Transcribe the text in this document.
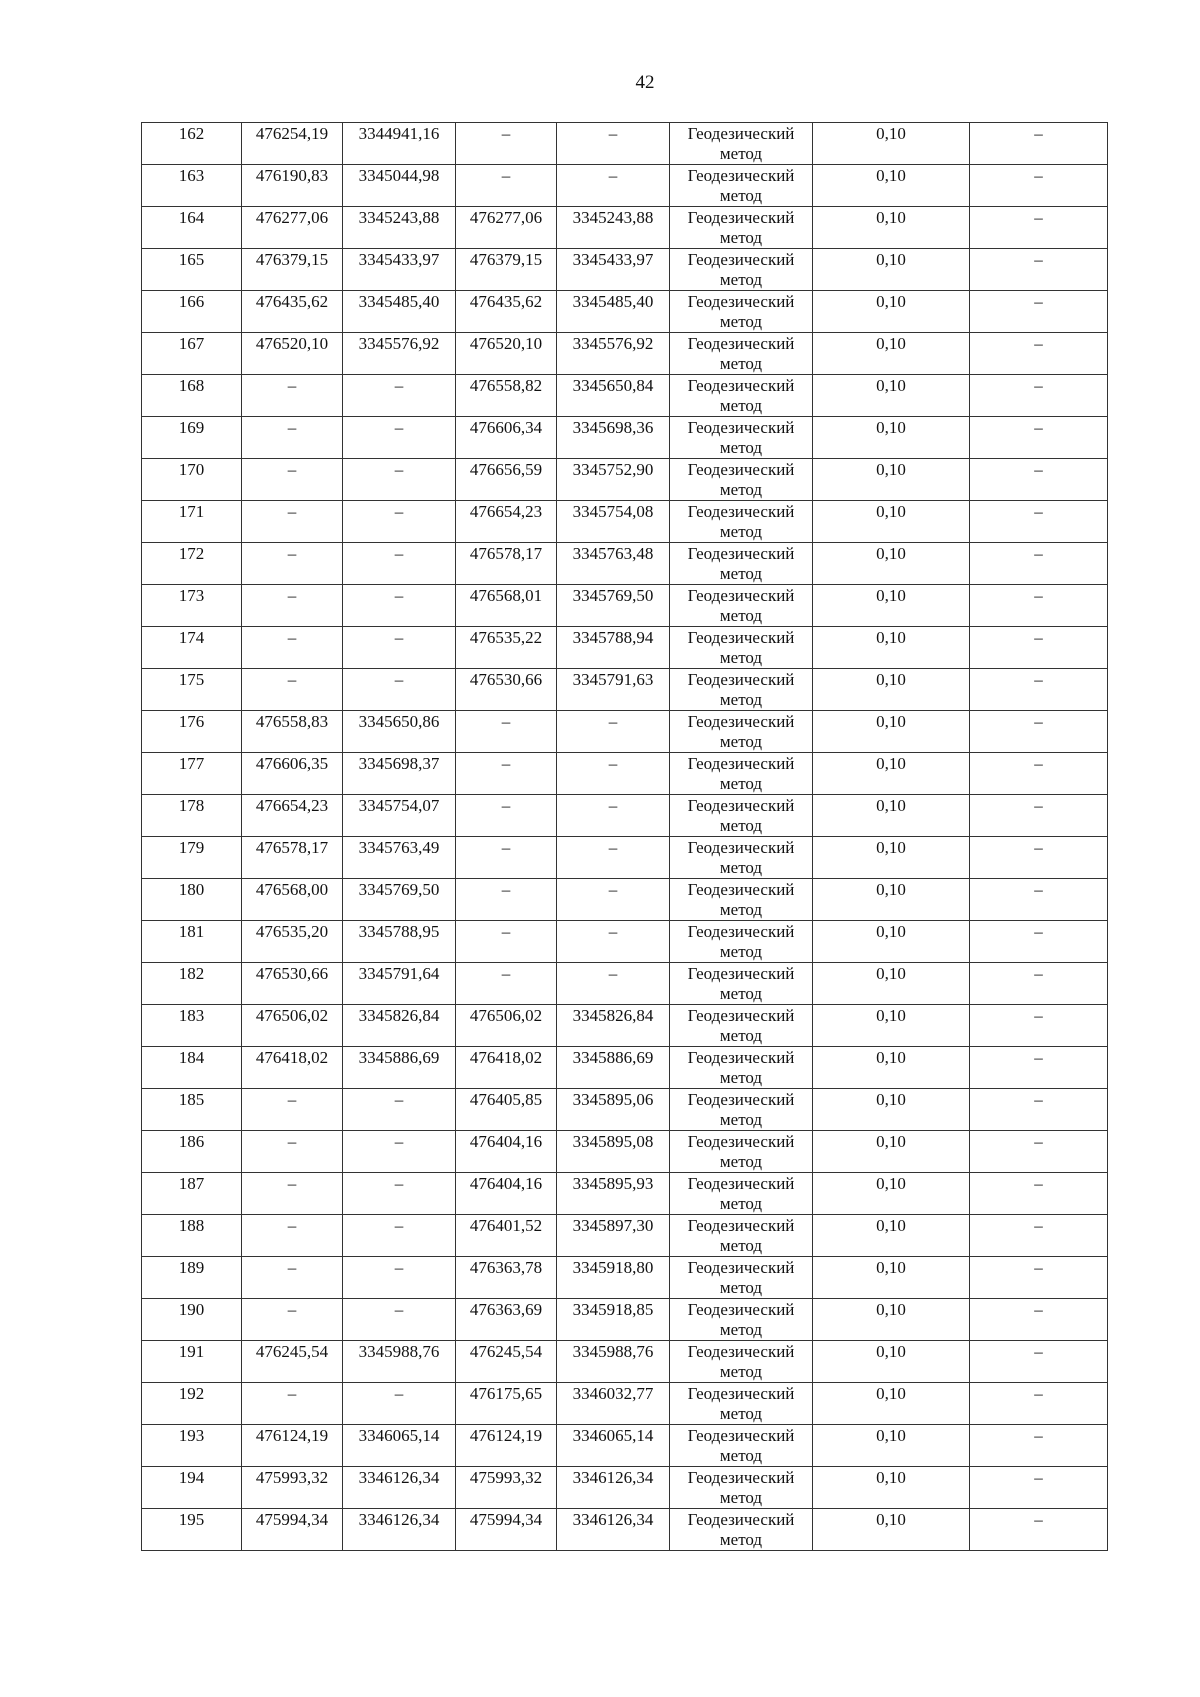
42
162	476254,19	3344941,16	–	–	Геодезический метод	0,10	–
163	476190,83	3345044,98	–	–	Геодезический метод	0,10	–
164	476277,06	3345243,88	476277,06	3345243,88	Геодезический метод	0,10	–
165	476379,15	3345433,97	476379,15	3345433,97	Геодезический метод	0,10	–
166	476435,62	3345485,40	476435,62	3345485,40	Геодезический метод	0,10	–
167	476520,10	3345576,92	476520,10	3345576,92	Геодезический метод	0,10	–
168	–	–	476558,82	3345650,84	Геодезический метод	0,10	–
169	–	–	476606,34	3345698,36	Геодезический метод	0,10	–
170	–	–	476656,59	3345752,90	Геодезический метод	0,10	–
171	–	–	476654,23	3345754,08	Геодезический метод	0,10	–
172	–	–	476578,17	3345763,48	Геодезический метод	0,10	–
173	–	–	476568,01	3345769,50	Геодезический метод	0,10	–
174	–	–	476535,22	3345788,94	Геодезический метод	0,10	–
175	–	–	476530,66	3345791,63	Геодезический метод	0,10	–
176	476558,83	3345650,86	–	–	Геодезический метод	0,10	–
177	476606,35	3345698,37	–	–	Геодезический метод	0,10	–
178	476654,23	3345754,07	–	–	Геодезический метод	0,10	–
179	476578,17	3345763,49	–	–	Геодезический метод	0,10	–
180	476568,00	3345769,50	–	–	Геодезический метод	0,10	–
181	476535,20	3345788,95	–	–	Геодезический метод	0,10	–
182	476530,66	3345791,64	–	–	Геодезический метод	0,10	–
183	476506,02	3345826,84	476506,02	3345826,84	Геодезический метод	0,10	–
184	476418,02	3345886,69	476418,02	3345886,69	Геодезический метод	0,10	–
185	–	–	476405,85	3345895,06	Геодезический метод	0,10	–
186	–	–	476404,16	3345895,08	Геодезический метод	0,10	–
187	–	–	476404,16	3345895,93	Геодезический метод	0,10	–
188	–	–	476401,52	3345897,30	Геодезический метод	0,10	–
189	–	–	476363,78	3345918,80	Геодезический метод	0,10	–
190	–	–	476363,69	3345918,85	Геодезический метод	0,10	–
191	476245,54	3345988,76	476245,54	3345988,76	Геодезический метод	0,10	–
192	–	–	476175,65	3346032,77	Геодезический метод	0,10	–
193	476124,19	3346065,14	476124,19	3346065,14	Геодезический метод	0,10	–
194	475993,32	3346126,34	475993,32	3346126,34	Геодезический метод	0,10	–
195	475994,34	3346126,34	475994,34	3346126,34	Геодезический метод	0,10	–
